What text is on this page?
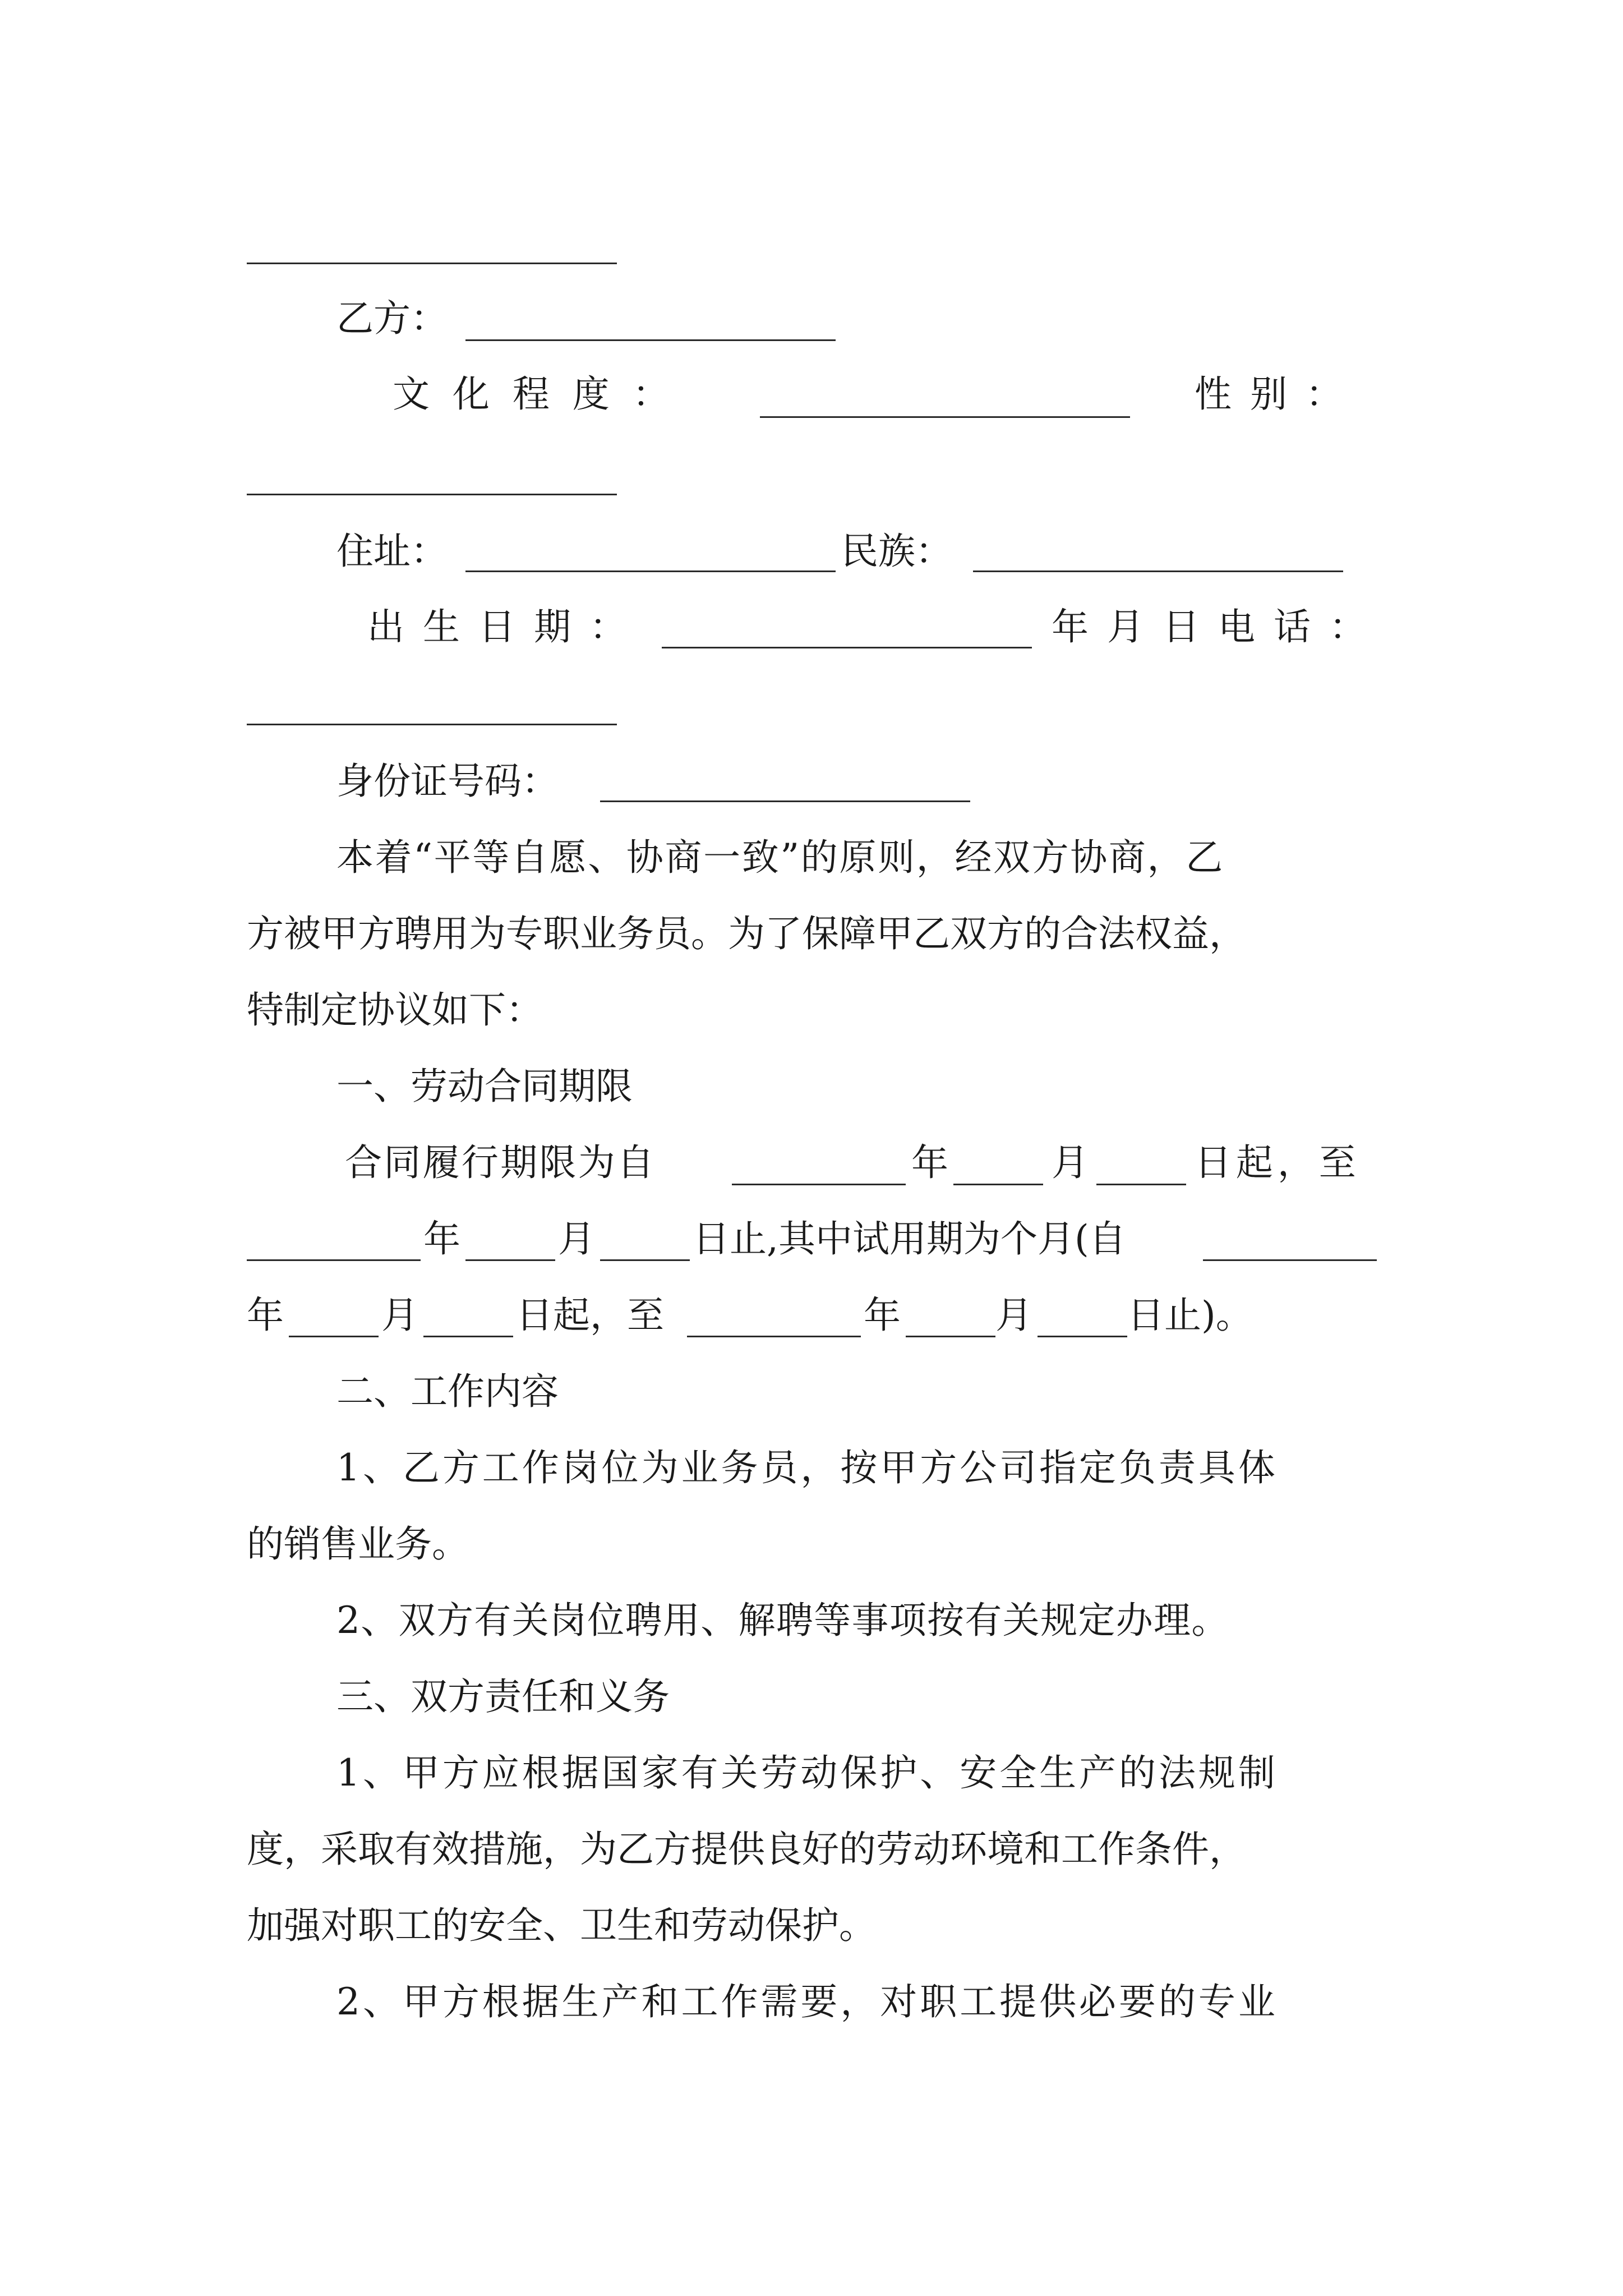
乙方：
文化程度：	性别：
住址：	民族：
出生日期：	年月日电话：
身份证号码：
本着“平等自愿、协商一致”的原则，经双方协商，乙
方被甲方聘用为专职业务员。为了保障甲乙双方的合法权益，
特制定协议如下：
一、劳动合同期限
合同履行期限为自	年	月	日起，至
年	月	日止,其中试用期为个月(自
年	月	日起，至	年	月	日止)。
二、工作内容
1、乙方工作岗位为业务员，按甲方公司指定负责具体
的销售业务。
2、双方有关岗位聘用、解聘等事项按有关规定办理。
三、双方责任和义务
1、甲方应根据国家有关劳动保护、安全生产的法规制
度，采取有效措施，为乙方提供良好的劳动环境和工作条件，
加强对职工的安全、卫生和劳动保护。
2、甲方根据生产和工作需要，对职工提供必要的专业
